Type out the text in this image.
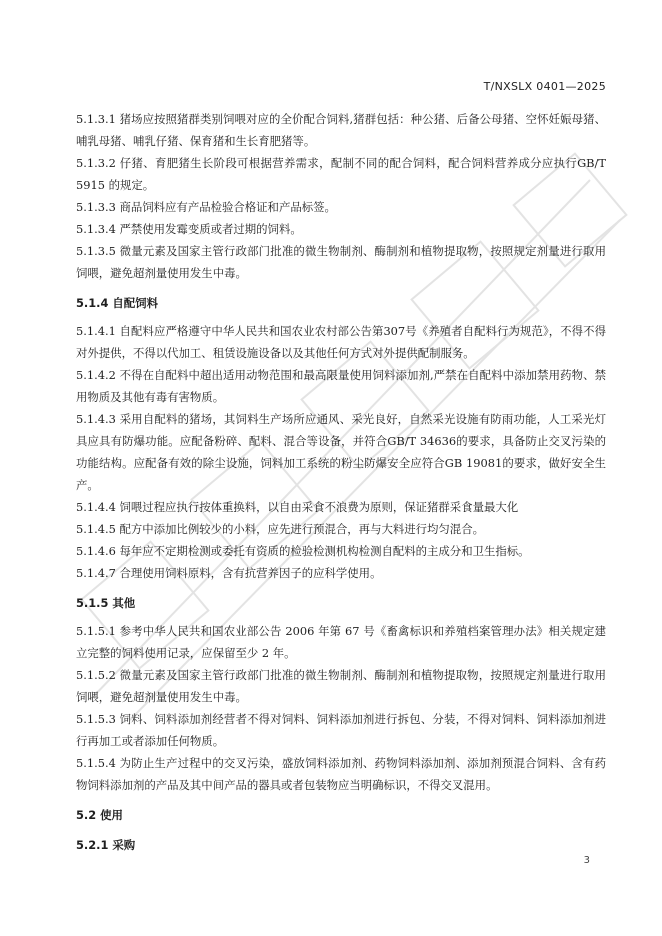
T/NXSLX 0401—2025

5.1.3.1 猪场应按照猪群类别饲喂对应的全价配合饲料,猪群包括：种公猪、后备公母猪、空怀妊娠母猪、哺乳母猪、哺乳仔猪、保育猪和生长育肥猪等。

5.1.3.2 仔猪、育肥猪生长阶段可根据营养需求，配制不同的配合饲料，配合饲料营养成分应执行GB/T 5915 的规定。

5.1.3.3 商品饲料应有产品检验合格证和产品标签。

5.1.3.4 严禁使用发霉变质或者过期的饲料。

5.1.3.5 微量元素及国家主管行政部门批准的微生物制剂、酶制剂和植物提取物，按照规定剂量进行取用饲喂，避免超剂量使用发生中毒。

5.1.4 自配饲料

5.1.4.1 自配料应严格遵守中华人民共和国农业农村部公告第307号《养殖者自配料行为规范》，不得不得对外提供，不得以代加工、租赁设施设备以及其他任何方式对外提供配制服务。

5.1.4.2 不得在自配料中超出适用动物范围和最高限量使用饲料添加剂,严禁在自配料中添加禁用药物、禁用物质及其他有毒有害物质。

5.1.4.3 采用自配料的猪场，其饲料生产场所应通风、采光良好，自然采光设施有防雨功能，人工采光灯具应具有防爆功能。应配备粉碎、配料、混合等设备，并符合GB/T 34636的要求，具备防止交叉污染的功能结构。应配备有效的除尘设施，饲料加工系统的粉尘防爆安全应符合GB 19081的要求，做好安全生产。

5.1.4.4 饲喂过程应执行按体重换料，以自由采食不浪费为原则，保证猪群采食量最大化

5.1.4.5 配方中添加比例较少的小料，应先进行预混合，再与大料进行均匀混合。

5.1.4.6 每年应不定期检测或委托有资质的检验检测机构检测自配料的主成分和卫生指标。

5.1.4.7 合理使用饲料原料，含有抗营养因子的应科学使用。

5.1.5 其他

5.1.5.1 参考中华人民共和国农业部公告 2006 年第 67 号《畜禽标识和养殖档案管理办法》相关规定建立完整的饲料使用记录，应保留至少 2 年。

5.1.5.2 微量元素及国家主管行政部门批准的微生物制剂、酶制剂和植物提取物，按照规定剂量进行取用饲喂，避免超剂量使用发生中毒。

5.1.5.3 饲料、饲料添加剂经营者不得对饲料、饲料添加剂进行拆包、分装，不得对饲料、饲料添加剂进行再加工或者添加任何物质。

5.1.5.4 为防止生产过程中的交叉污染，盛放饲料添加剂、药物饲料添加剂、添加剂预混合饲料、含有药物饲料添加剂的产品及其中间产品的器具或者包装物应当明确标识，不得交叉混用。

5.2 使用

5.2.1 采购

3
